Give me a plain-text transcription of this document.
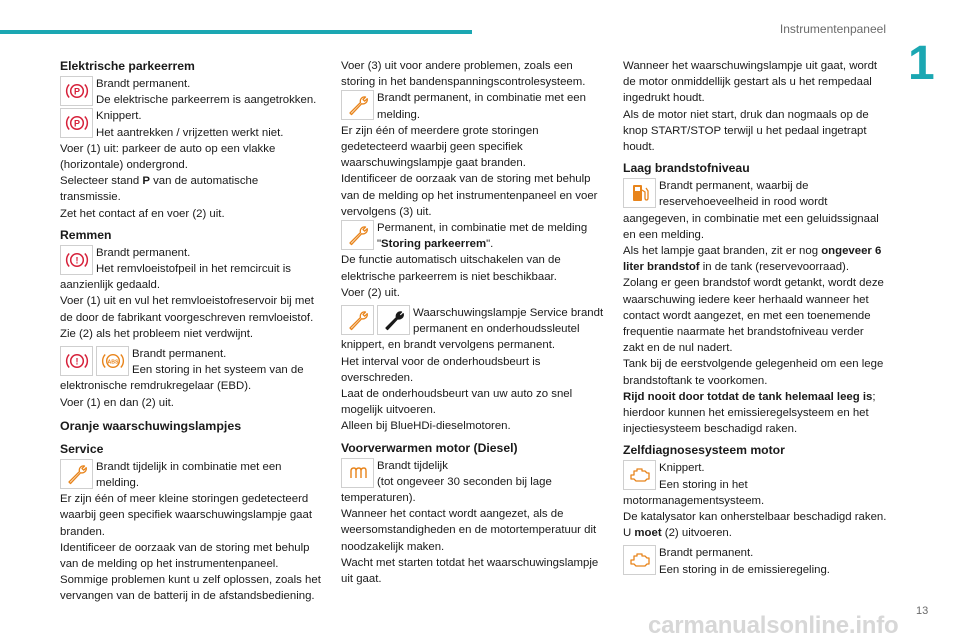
Instrumentenpaneel
1
Elektrische parkeerrem
P
Brandt permanent.
De elektrische parkeerrem is aangetrokken.
P
Knippert.
Het aantrekken / vrijzetten werkt niet.
Voer (1) uit: parkeer de auto op een vlakke (horizontale) ondergrond.
Selecteer stand P van de automatische transmissie.
Zet het contact af en voer (2) uit.
Remmen
!
Brandt permanent.
Het remvloeistofpeil in het remcircuit is aanzienlijk gedaald.
Voer (1) uit en vul het remvloeistofreservoir bij met de door de fabrikant voorgeschreven remvloeistof.
Zie (2) als het probleem niet verdwijnt.
!	ABS
Brandt permanent.
Een storing in het systeem van de elektronische remdrukregelaar (EBD).
Voer (1) en dan (2) uit.
Oranje waarschuwingslampjes
Service
Brandt tijdelijk in combinatie met een melding.
Er zijn één of meer kleine storingen gedetecteerd waarbij geen specifiek waarschuwingslampje gaat branden.
Identificeer de oorzaak van de storing met behulp van de melding op het instrumentenpaneel.
Sommige problemen kunt u zelf oplossen, zoals het vervangen van de batterij in de afstandsbediening.
Voer (3) uit voor andere problemen, zoals een storing in het bandenspanningscontrolesysteem.
Brandt permanent, in combinatie met een melding.
Er zijn één of meerdere grote storingen gedetecteerd waarbij geen specifiek waarschuwingslampje gaat branden.
Identificeer de oorzaak van de storing met behulp van de melding op het instrumentenpaneel en voer vervolgens (3) uit.
Permanent, in combinatie met de melding "Storing parkeerrem".
De functie automatisch uitschakelen van de elektrische parkeerrem is niet beschikbaar.
Voer (2) uit.
Waarschuwingslampje Service brandt permanent en onderhoudssleutel knippert, en brandt vervolgens permanent.
Het interval voor de onderhoudsbeurt is overschreden.
Laat de onderhoudsbeurt van uw auto zo snel mogelijk uitvoeren.
Alleen bij BlueHDi-dieselmotoren.
Voorverwarmen motor (Diesel)
Brandt tijdelijk
(tot ongeveer 30 seconden bij lage temperaturen).
Wanneer het contact wordt aangezet, als de weersomstandigheden en de motortemperatuur dit noodzakelijk maken.
Wacht met starten totdat het waarschuwingslampje uit gaat.
Wanneer het waarschuwingslampje uit gaat, wordt de motor onmiddellijk gestart als u het rempedaal ingedrukt houdt.
Als de motor niet start, druk dan nogmaals op de knop START/STOP terwijl u het pedaal ingetrapt houdt.
Laag brandstofniveau
Brandt permanent, waarbij de reservehoeveelheid in rood wordt aangegeven, in combinatie met een geluidssignaal en een melding.
Als het lampje gaat branden, zit er nog ongeveer 6 liter brandstof in de tank (reservevoorraad).
Zolang er geen brandstof wordt getankt, wordt deze waarschuwing iedere keer herhaald wanneer het contact wordt aangezet, en met een toenemende frequentie naarmate het brandstofniveau verder zakt en de nul nadert.
Tank bij de eerstvolgende gelegenheid om een lege brandstoftank te voorkomen.
Rijd nooit door totdat de tank helemaal leeg is; hierdoor kunnen het emissieregelsysteem en het injectiesysteem beschadigd raken.
Zelfdiagnosesysteem motor
Knippert.
Een storing in het motormanagementsysteem.
De katalysator kan onherstelbaar beschadigd raken.
U moet (2) uitvoeren.
Brandt permanent.
Een storing in de emissieregeling.
13
carmanualsonline.info
